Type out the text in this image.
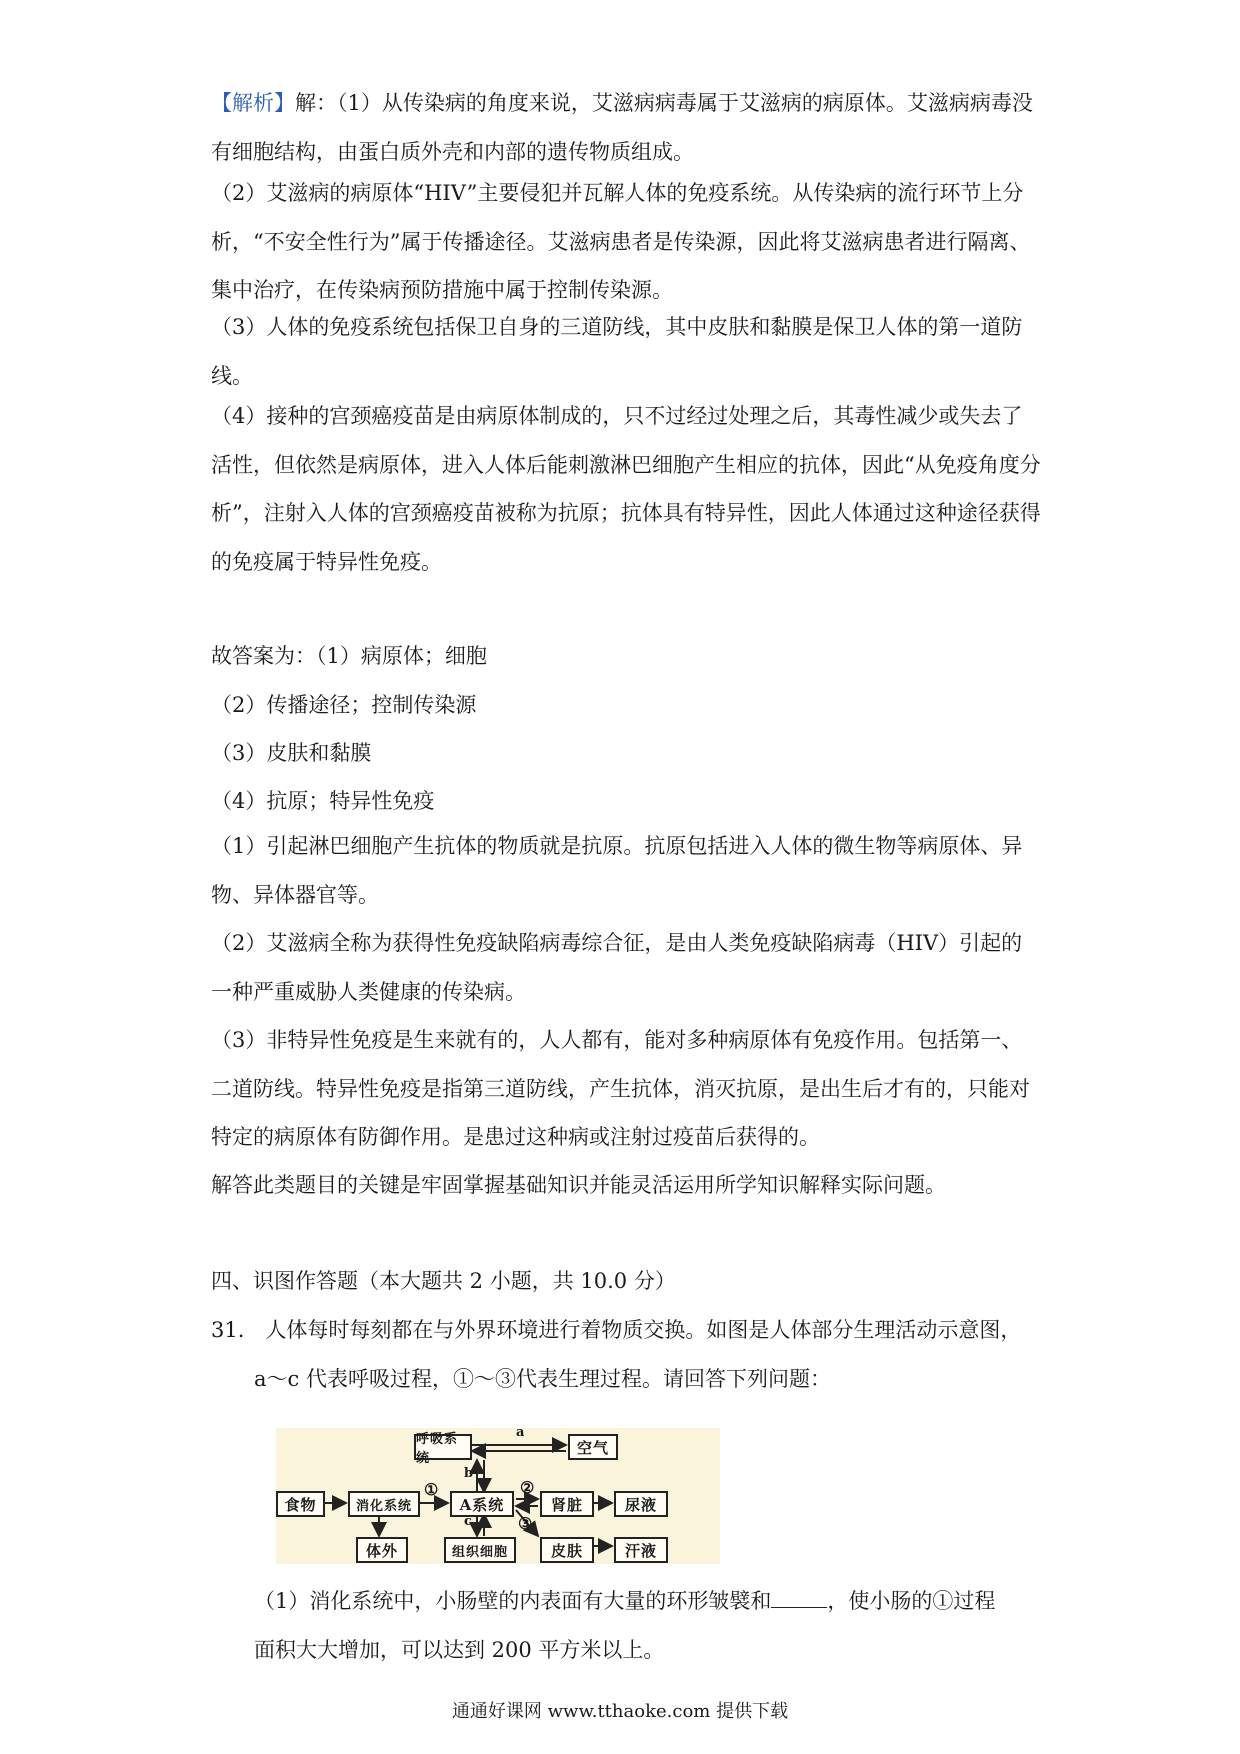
【解析】解：（1）从传染病的角度来说，艾滋病病毒属于艾滋病的病原体。艾滋病病毒没有细胞结构，由蛋白质外壳和内部的遗传物质组成。

（2）艾滋病的病原体“HIV”主要侵犯并瓦解人体的免疫系统。从传染病的流行环节上分析，“不安全性行为”属于传播途径。艾滋病患者是传染源，因此将艾滋病患者进行隔离、集中治疗，在传染病预防措施中属于控制传染源。

（3）人体的免疫系统包括保卫自身的三道防线，其中皮肤和黏膜是保卫人体的第一道防线。

（4）接种的宫颈癌疫苗是由病原体制成的，只不过经过处理之后，其毒性减少或失去了活性，但依然是病原体，进入人体后能刺激淋巴细胞产生相应的抗体，因此“从免疫角度分析”，注射入人体的宫颈癌疫苗被称为抗原；抗体具有特异性，因此人体通过这种途径获得的免疫属于特异性免疫。

故答案为：（1）病原体；细胞

（2）传播途径；控制传染源

（3）皮肤和黏膜

（4）抗原；特异性免疫

（1）引起淋巴细胞产生抗体的物质就是抗原。抗原包括进入人体的微生物等病原体、异物、异体器官等。

（2）艾滋病全称为获得性免疫缺陷病毒综合征，是由人类免疫缺陷病毒（HIV）引起的一种严重威胁人类健康的传染病。

（3）非特异性免疫是生来就有的，人人都有，能对多种病原体有免疫作用。包括第一、二道防线。特异性免疫是指第三道防线，产生抗体，消灭抗原，是出生后才有的，只能对特定的病原体有防御作用。是患过这种病或注射过疫苗后获得的。

解答此类题目的关键是牢固掌握基础知识并能灵活运用所学知识解释实际问题。

四、识图作答题（本大题共 2 小题，共 10.0 分）

31.　人体每时每刻都在与外界环境进行着物质交换。如图是人体部分生理活动示意图，

a～c 代表呼吸过程，①～③代表生理过程。请回答下列问题：

呼吸系统
空气
食物	消化系统	A系统	肾脏	尿液
体外	组织细胞	皮肤	汗液
a
b
c
①	②
③

（1）消化系统中，小肠壁的内表面有大量的环形皱襞和	，使小肠的①过程

面积大大增加，可以达到 200 平方米以上。

通通好课网 www.tthaoke.com 提供下载
